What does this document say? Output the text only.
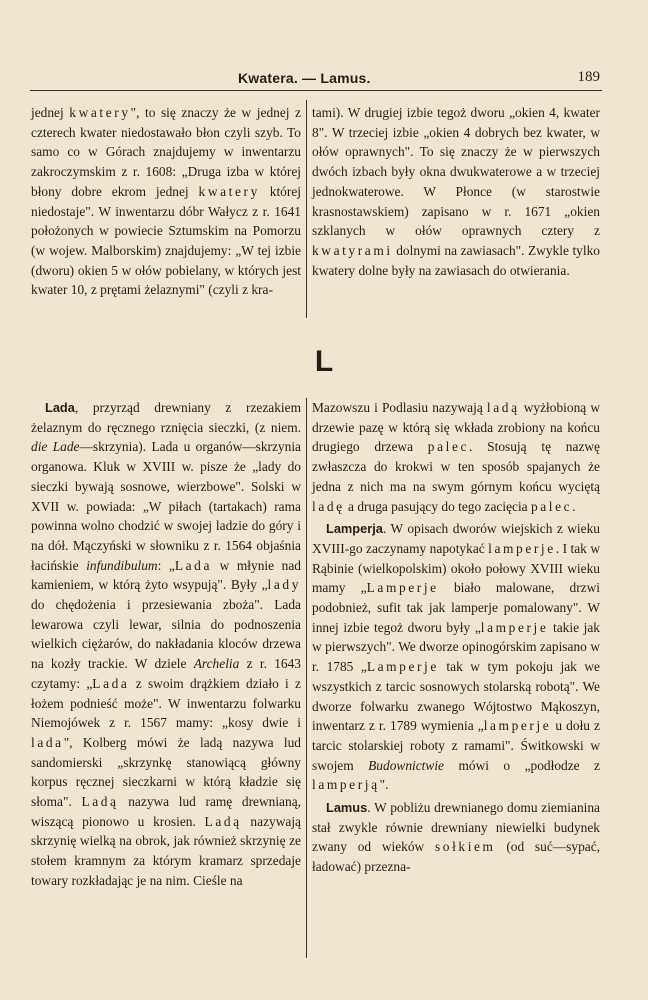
Kwatera. — Lamus.	189

jednej kwatery", to się znaczy że w jednej z czterech kwater niedostawało błon czyli szyb. To samo co w Górach znajdujemy w inwentarzu zakroczymskim z r. 1608: „Druga izba w której błony dobre ekrom jednej kwatery której niedostaje". W inwentarzu dóbr Wałycz z r. 1641 położonych w powiecie Sztumskim na Pomorzu (w wojew. Malborskim) znajdujemy: „W tej izbie (dworu) okien 5 w ołów pobielany, w których jest kwater 10, z prętami żelaznymi" (czyli z kra-

tami). W drugiej izbie tegoż dworu „okien 4, kwater 8". W trzeciej izbie „okien 4 dobrych bez kwater, w ołów oprawnych". To się znaczy że w pierwszych dwóch izbach były okna dwukwaterowe a w trzeciej jednokwaterowe. W Płonce (w starostwie krasnostawskiem) zapisano w r. 1671 „okien szklanych w ołów oprawnych cztery z kwatyrami dolnymi na zawiasach". Zwykle tylko kwatery dolne były na zawiasach do otwierania.

L

Lada, przyrząd drewniany z rzezakiem żelaznym do ręcznego rznięcia sieczki, (z niem. die Lade—skrzynia). Lada u organów—skrzynia organowa. Kluk w XVIII w. pisze że „lady do sieczki bywają sosnowe, wierzbowe". Solski w XVII w. powiada: „W piłach (tartakach) rama powinna wolno chodzić w swojej ladzie do góry i na dół. Mączyński w słowniku z r. 1564 objaśnia łacińskie infundibulum: „Lada w młynie nad kamieniem, w którą żyto wsypują". Były „lady do chędożenia i przesiewania zboża". Lada lewarowa czyli lewar, silnia do podnoszenia wielkich ciężarów, do nakładania kloców drzewa na kozły trackie. W dziele Archelia z r. 1643 czytamy: „Lada z swoim drążkiem działo i z łożem podnieść może". W inwentarzu folwarku Niemojówek z r. 1567 mamy: „kosy dwie i lada", Kolberg mówi że ladą nazywa lud sandomierski „skrzynkę stanowiącą główny korpus ręcznej sieczkarni w którą kładzie się słoma". Ladą nazywa lud ramę drewnianą, wiszącą pionowo u krosien. Ladą nazywają skrzynię wielką na obrok, jak również skrzynię ze stołem kramnym za którym kramarz sprzedaje towary rozkładając je na nim. Cieśle na

Mazowszu i Podlasiu nazywają ladą wyżłobioną w drzewie pazę w którą się wkłada zrobiony na końcu drugiego drzewa palec. Stosują tę nazwę zwłaszcza do krokwi w ten sposób spajanych że jedna z nich ma na swym górnym końcu wyciętą ladę a druga pasujący do tego zacięcia palec.

Lamperja. W opisach dworów wiejskich z wieku XVIII-go zaczynamy napotykać lamperje. I tak w Rąbinie (wielkopolskim) około połowy XVIII wieku mamy „Lamperje biało malowane, drzwi podobnież, sufit tak jak lamperje pomalowany". W innej izbie tegoż dworu były „lamperje takie jak w pierwszych". We dworze opinogórskim zapisano w r. 1785 „Lamperje tak w tym pokoju jak we wszystkich z tarcic sosnowych stolarską robotą". We dworze folwarku zwanego Wójtostwo Mąkoszyn, inwentarz z r. 1789 wymienia „lamperje u dołu z tarcic stolarskiej roboty z ramami". Świtkowski w swojem Budownictwie mówi o „podłodze z lamperją".

Lamus. W pobliżu drewnianego domu ziemianina stał zwykle równie drewniany niewielki budynek zwany od wieków sołkiem (od suć—sypać, ładować) przezna-
